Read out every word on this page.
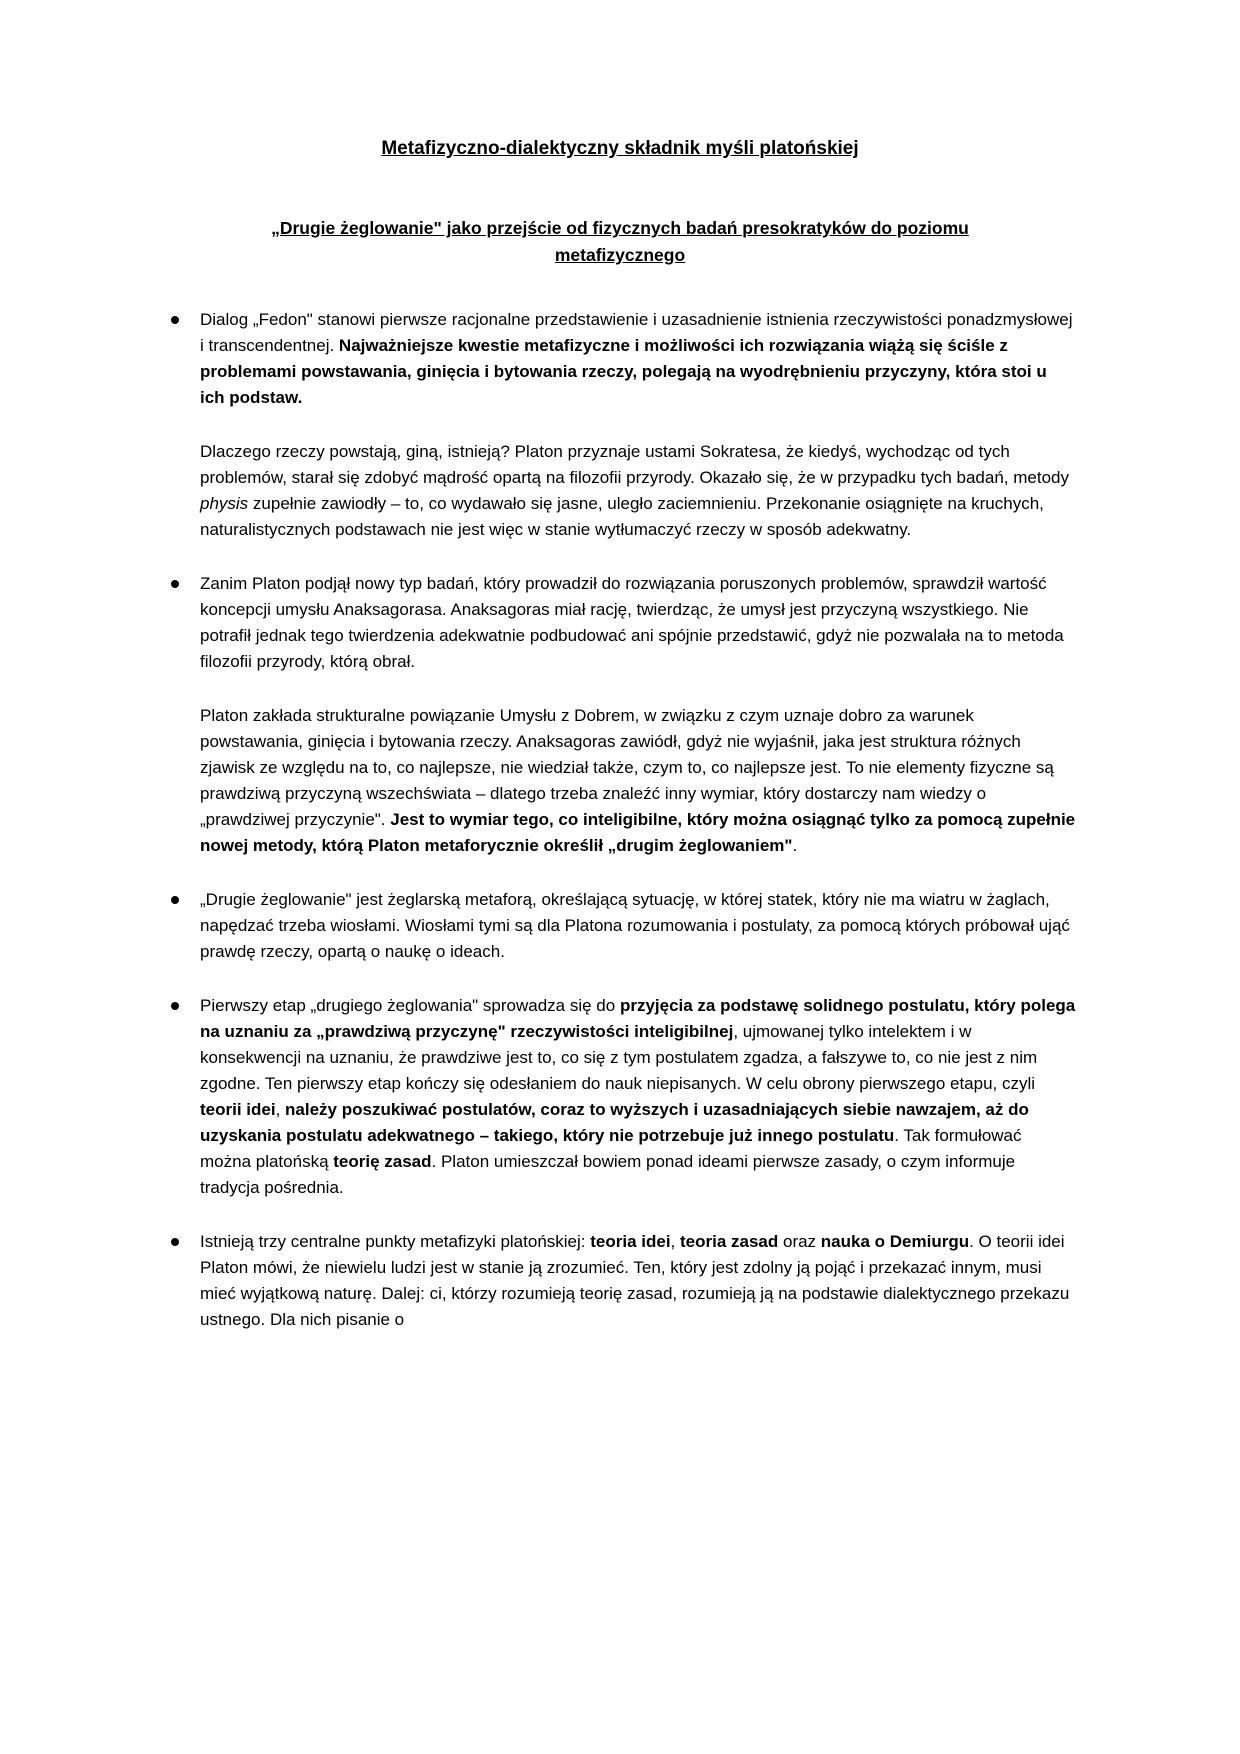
Metafizyczno-dialektyczny składnik myśli platońskiej
„Drugie żeglowanie" jako przejście od fizycznych badań presokratyków do poziomu metafizycznego

Dialog „Fedon" stanowi pierwsze racjonalne przedstawienie i uzasadnienie istnienia rzeczywistości ponadzmysłowej i transcendentnej. Najważniejsze kwestie metafizyczne i możliwości ich rozwiązania wiążą się ściśle z problemami powstawania, ginięcia i bytowania rzeczy, polegają na wyodrębnieniu przyczyny, która stoi u ich podstaw.

Dlaczego rzeczy powstają, giną, istnieją? Platon przyznaje ustami Sokratesa, że kiedyś, wychodząc od tych problemów, starał się zdobyć mądrość opartą na filozofii przyrody. Okazało się, że w przypadku tych badań, metody physis zupełnie zawiodły – to, co wydawało się jasne, uległo zaciemnieniu. Przekonanie osiągnięte na kruchych, naturalistycznych podstawach nie jest więc w stanie wytłumaczyć rzeczy w sposób adekwatny.

Zanim Platon podjął nowy typ badań, który prowadził do rozwiązania poruszonych problemów, sprawdził wartość koncepcji umysłu Anaksagorasa. Anaksagoras miał rację, twierdząc, że umysł jest przyczyną wszystkiego. Nie potrafił jednak tego twierdzenia adekwatnie podbudować ani spójnie przedstawić, gdyż nie pozwalała na to metoda filozofii przyrody, którą obrał.

Platon zakłada strukturalne powiązanie Umysłu z Dobrem, w związku z czym uznaje dobro za warunek powstawania, ginięcia i bytowania rzeczy. Anaksagoras zawiódł, gdyż nie wyjaśnił, jaka jest struktura różnych zjawisk ze względu na to, co najlepsze, nie wiedział także, czym to, co najlepsze jest. To nie elementy fizyczne są prawdziwą przyczyną wszechświata – dlatego trzeba znaleźć inny wymiar, który dostarczy nam wiedzy o „prawdziwej przyczynie". Jest to wymiar tego, co inteligibilne, który można osiągnąć tylko za pomocą zupełnie nowej metody, którą Platon metaforycznie określił „drugim żeglowaniem".

„Drugie żeglowanie" jest żeglarską metaforą, określającą sytuację, w której statek, który nie ma wiatru w żaglach, napędzać trzeba wiosłami. Wiosłami tymi są dla Platona rozumowania i postulaty, za pomocą których próbował ująć prawdę rzeczy, opartą o naukę o ideach.

Pierwszy etap „drugiego żeglowania" sprowadza się do przyjęcia za podstawę solidnego postulatu, który polega na uznaniu za „prawdziwą przyczynę" rzeczywistości inteligibilnej, ujmowanej tylko intelektem i w konsekwencji na uznaniu, że prawdziwe jest to, co się z tym postulatem zgadza, a fałszywe to, co nie jest z nim zgodne. Ten pierwszy etap kończy się odesłaniem do nauk niepisanych. W celu obrony pierwszego etapu, czyli teorii idei, należy poszukiwać postulatów, coraz to wyższych i uzasadniających siebie nawzajem, aż do uzyskania postulatu adekwatnego – takiego, który nie potrzebuje już innego postulatu. Tak formułować można platońską teorię zasad. Platon umieszczał bowiem ponad ideami pierwsze zasady, o czym informuje tradycja pośrednia.

Istnieją trzy centralne punkty metafizyki platońskiej: teoria idei, teoria zasad oraz nauka o Demiurgu. O teorii idei Platon mówi, że niewielu ludzi jest w stanie ją zrozumieć. Ten, który jest zdolny ją pojąć i przekazać innym, musi mieć wyjątkową naturę. Dalej: ci, którzy rozumieją teorię zasad, rozumieją ją na podstawie dialektycznego przekazu ustnego. Dla nich pisanie o
